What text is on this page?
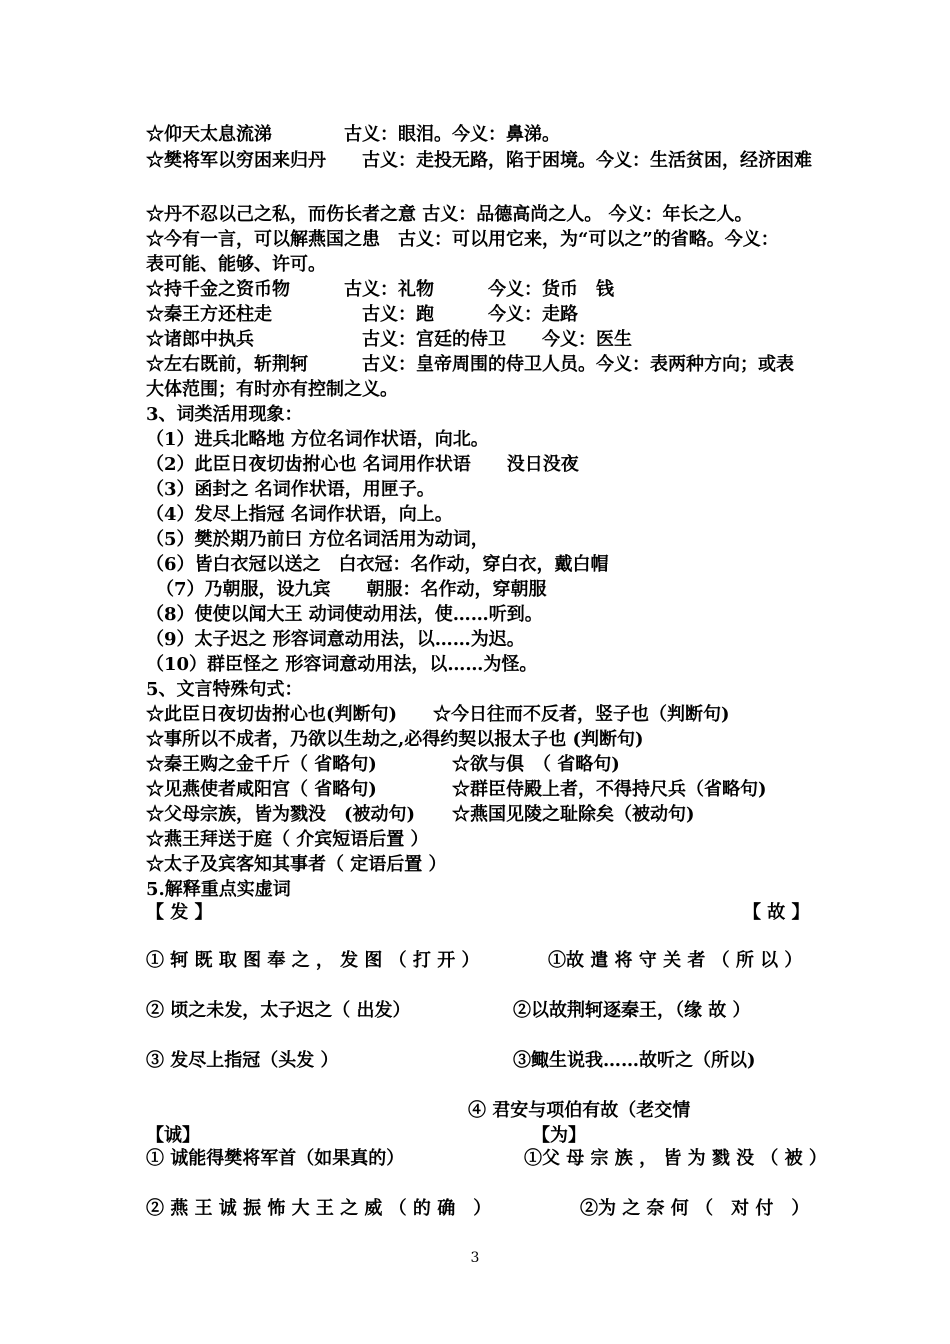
☆仰天太息流涕　　　　古义：眼泪。今义：鼻涕。
☆樊将军以穷困来归丹　　古义：走投无路，陷于困境。今义：生活贫困，经济困难
☆丹不忍以己之私，而伤长者之意 古义：品德高尚之人。 今义：年长之人。
☆今有一言，可以解燕国之患　古义：可以用它来，为“可以之”的省略。今义：
表可能、能够、许可。
☆持千金之资币物　　　古义：礼物　　　今义：货币　钱
☆秦王方还柱走　　　　　古义：跑　　　今义：走路
☆诸郎中执兵　　　　　　古义：宫廷的侍卫　　今义：医生
☆左右既前，斩荆轲　　　古义：皇帝周围的侍卫人员。今义：表两种方向；或表
大体范围；有时亦有控制之义。
3、词类活用现象：
（1）进兵北略地 方位名词作状语，向北。
（2）此臣日夜切齿拊心也 名词用作状语　　没日没夜
（3）函封之 名词作状语，用匣子。
（4）发尽上指冠 名词作状语，向上。
（5）樊於期乃前曰 方位名词活用为动词，
（6）皆白衣冠以送之　白衣冠：名作动，穿白衣，戴白帽
（7）乃朝服，设九宾　　朝服：名作动，穿朝服
（8）使使以闻大王 动词使动用法，使……听到。
（9）太子迟之 形容词意动用法，以……为迟。
（10）群臣怪之 形容词意动用法，以……为怪。
5、文言特殊句式：
☆此臣日夜切齿拊心也(判断句)　　☆今日往而不反者，竖子也（判断句)
☆事所以不成者，乃欲以生劫之,必得约契以报太子也 (判断句)
☆秦王购之金千斤（ 省略句)	☆欲与俱　（ 省略句)
☆见燕使者咸阳宫（ 省略句)	☆群臣侍殿上者，不得持尺兵（省略句)
☆父母宗族，皆为戮没　(被动句) ☆燕国见陵之耻除矣（被动句)
☆燕王拜送于庭（ 介宾短语后置 ）
☆太子及宾客知其事者（ 定语后置 ）
5.解释重点实虚词
【 发 】	【 故 】
① 轲 既 取 图 奉 之 ， 发 图 （ 打 开 ）	①故 遣 将 守 关 者 （ 所 以 ）
② 顷之未发，太子迟之（ 出发）	②以故荆轲逐秦王，（缘 故 ）
③ 发尽上指冠（头发 ）	③鲰生说我……故听之（所以)
④ 君安与项伯有故（老交情
【诚】	【为】
① 诚能得樊将军首（如果真的）	①父 母 宗 族 ， 皆 为 戮 没 （ 被 ）
② 燕 王 诚 振 怖 大 王 之 威 （ 的 确　）	②为 之 奈 何 （　对 付　）
3
